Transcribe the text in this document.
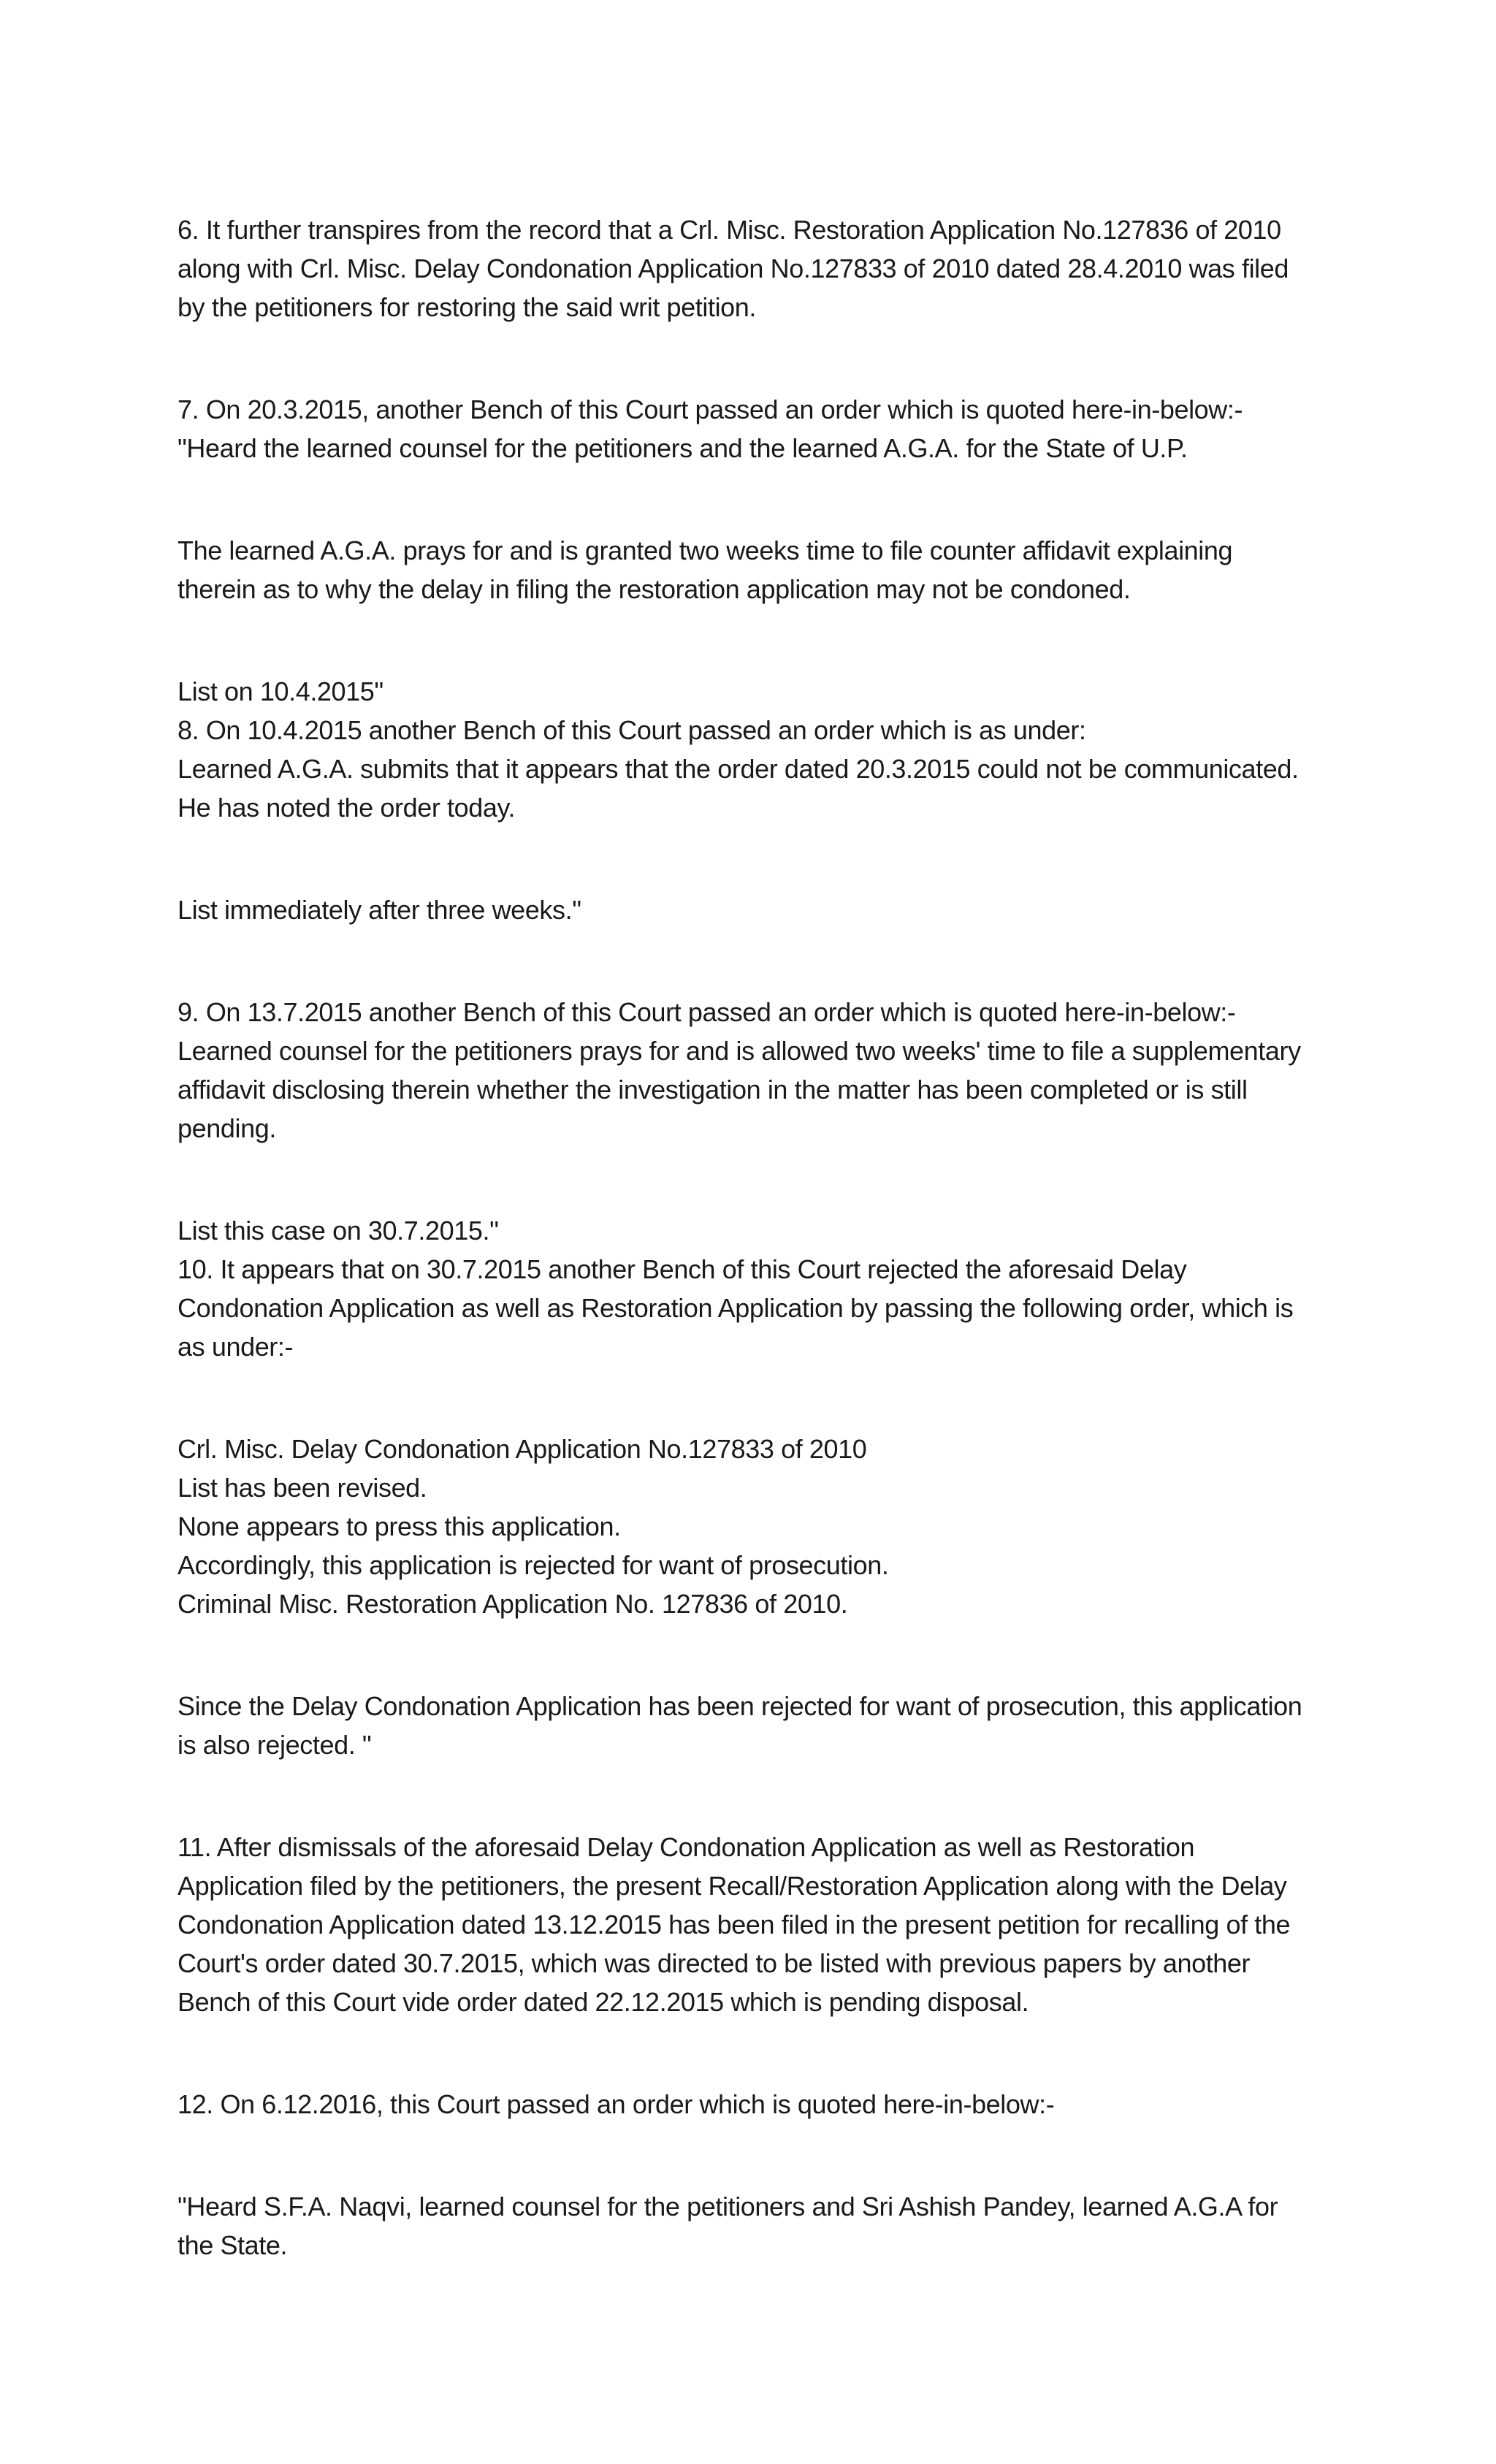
6. It further transpires from the record that a Crl. Misc. Restoration Application No.127836 of 2010
along with Crl. Misc. Delay Condonation Application No.127833 of 2010 dated 28.4.2010 was filed
by the petitioners for restoring the said writ petition.
7. On 20.3.2015, another Bench of this Court passed an order which is quoted here-in-below:-
"Heard the learned counsel for the petitioners and the learned A.G.A. for the State of U.P.
The learned A.G.A. prays for and is granted two weeks time to file counter affidavit explaining
therein as to why the delay in filing the restoration application may not be condoned.
List on 10.4.2015"
8. On 10.4.2015 another Bench of this Court passed an order which is as under:
Learned A.G.A. submits that it appears that the order dated 20.3.2015 could not be communicated.
He has noted the order today.
List immediately after three weeks."
9. On 13.7.2015 another Bench of this Court passed an order which is quoted here-in-below:-
Learned counsel for the petitioners prays for and is allowed two weeks' time to file a supplementary
affidavit disclosing therein whether the investigation in the matter has been completed or is still
pending.
List this case on 30.7.2015."
10. It appears that on 30.7.2015 another Bench of this Court rejected the aforesaid Delay
Condonation Application as well as Restoration Application by passing the following order, which is
as under:-
Crl. Misc. Delay Condonation Application No.127833 of 2010
List has been revised.
None appears to press this application.
Accordingly, this application is rejected for want of prosecution.
Criminal Misc. Restoration Application No. 127836 of 2010.
Since the Delay Condonation Application has been rejected for want of prosecution, this application
is also rejected. "
11. After dismissals of the aforesaid Delay Condonation Application as well as Restoration
Application filed by the petitioners, the present Recall/Restoration Application along with the Delay
Condonation Application dated 13.12.2015 has been filed in the present petition for recalling of the
Court's order dated 30.7.2015, which was directed to be listed with previous papers by another
Bench of this Court vide order dated 22.12.2015 which is pending disposal.
12. On 6.12.2016, this Court passed an order which is quoted here-in-below:-
"Heard S.F.A. Naqvi, learned counsel for the petitioners and Sri Ashish Pandey, learned A.G.A for
the State.
